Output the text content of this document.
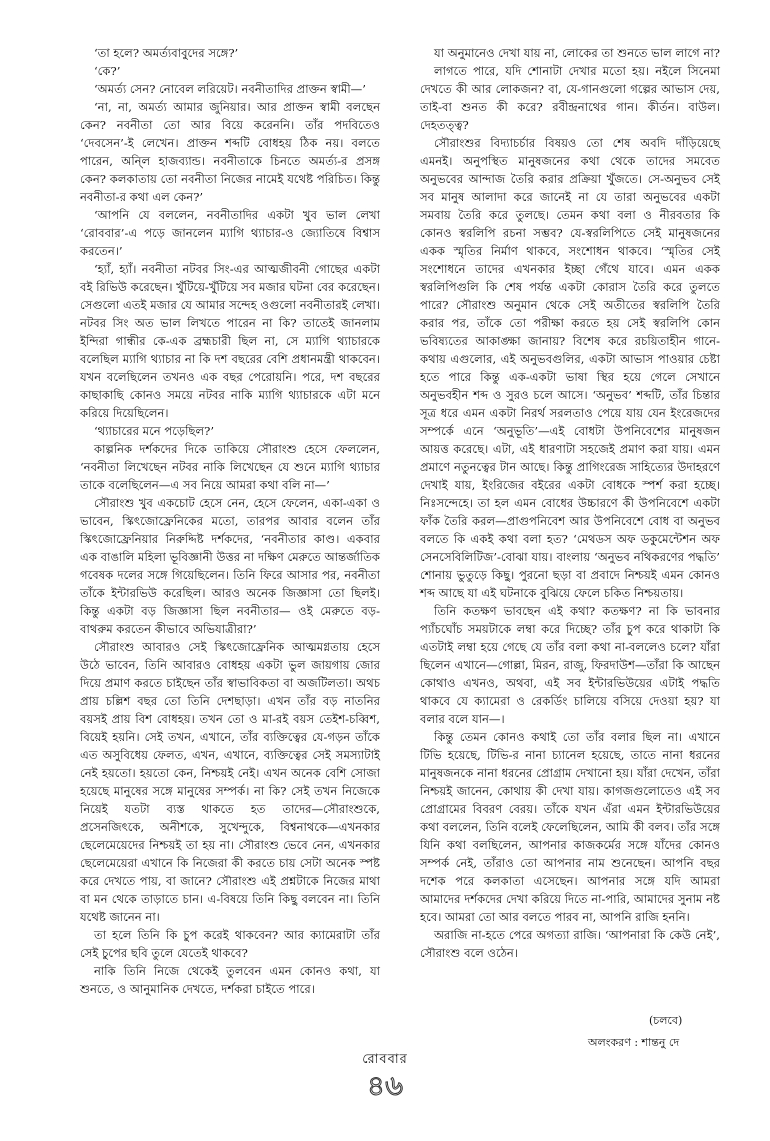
‘তা হলে? অমর্ত্যবাবুদের সঙ্গে?’

‘কে?’

‘অমর্ত্য সেন? নোবেল লরিয়েট। নবনীতাদির প্রাক্তন স্বামী—’

‘না, না, অমর্ত্য আমার জুনিয়ার। আর প্রাক্তন স্বামী বলছেন কেন? নবনীতা তো আর বিয়ে করেননি। তাঁর পদবিতেও ‘দেবসেন’-ই লেখেন। প্রাক্তন শব্দটি বোধহয় ঠিক নয়। বলতে পারেন, অন্লি হাজব্যান্ড। নবনীতাকে চিনতে অমর্ত্য-র প্রসঙ্গ কেন? কলকাতায় তো নবনীতা নিজের নামেই যথেষ্ট পরিচিত। কিন্তু নবনীতা-র কথা এল কেন?’

‘আপনি যে বললেন, নবনীতাদির একটা খুব ভাল লেখা ‘রোববার’-এ পড়ে জানলেন ম্যাগি থ্যাচার-ও জ্যোতিষে বিশ্বাস করতেন।’

‘হ্যাঁ, হ্যাঁ। নবনীতা নটবর সিং-এর আত্মজীবনী গোছের একটা বই রিভিউ করেছেন। খুঁটিয়ে-খুঁটিয়ে সব মজার ঘটনা বের করেছেন। সেগুলো এতই মজার যে আমার সন্দেহ ওগুলো নবনীতারই লেখা। নটবর সিং অত ভাল লিখতে পারেন না কি? তাতেই জানলাম ইন্দিরা গান্ধীর কে-এক ব্রহ্মচারী ছিল না, সে ম্যাগি থ্যাচারকে বলেছিল ম্যাগি থ্যাচার না কি দশ বছরের বেশি প্রধানমন্ত্রী থাকবেন। যখন বলেছিলেন তখনও এক বছর পেরোয়নি। পরে, দশ বছরের কাছাকাছি কোনও সময়ে নটবর নাকি ম্যাগি থ্যাচারকে এটা মনে করিয়ে দিয়েছিলেন।

‘থ্যাচারের মনে পড়েছিল?’

কাল্পনিক দর্শকদের দিকে তাকিয়ে সৌরাংশু হেসে ফেললেন, ‘নবনীতা লিখেছেন নটবর নাকি লিখেছেন যে শুনে ম্যাগি থ্যাচার তাকে বলেছিলেন—এ সব নিয়ে আমরা কথা বলি না—’

সৌরাংশু খুব একচোট হেসে নেন, হেসে ফেলেন, একা-একা ও ভাবেন, স্কিৎজোফ্রেনিকের মতো, তারপর আবার বলেন তাঁর স্কিৎজোফ্রেনিয়ার নিরুদ্দিষ্ট দর্শকদের, ‘নবনীতার কাণ্ড। একবার এক বাঙালি মহিলা ভূবিজ্ঞানী উত্তর না দক্ষিণ মেরুতে আন্তর্জাতিক গবেষক দলের সঙ্গে গিয়েছিলেন। তিনি ফিরে আসার পর, নবনীতা তাঁকে ইন্টারভিউ করেছিল। আরও অনেক জিজ্ঞাসা তো ছিলই। কিন্তু একটা বড় জিজ্ঞাসা ছিল নবনীতার— ওই মেরুতে বড়-বাথরুম করতেন কীভাবে অভিযাত্রীরা?’

সৌরাংশু আবারও সেই স্কিৎজোফ্রেনিক আত্মমগ্নতায় হেসে উঠে ভাবেন, তিনি আবারও বোধহয় একটা ভুল জায়গায় জোর দিয়ে প্রমাণ করতে চাইছেন তাঁর স্বাভাবিকতা বা অজটিলতা। অথচ প্রায় চল্লিশ বছর তো তিনি দেশছাড়া। এখন তাঁর বড় নাতনির বয়সই প্রায় বিশ বোধহয়। তখন তো ও মা-রই বয়স তেইশ-চব্বিশ, বিয়েই হয়নি। সেই তখন, এখানে, তাঁর ব্যক্তিত্বের যে-গড়ন তাঁকে এত অসুবিধেয় ফেলত, এখন, এখানে, ব্যক্তিত্বের সেই সমস্যাটাই নেই হয়তো। হয়তো কেন, নিশ্চয়ই নেই। এখন অনেক বেশি সোজা হয়েছে মানুষের সঙ্গে মানুষের সম্পর্ক। না কি? সেই তখন নিজেকে নিয়েই যতটা ব্যস্ত থাকতে হত তাদের—সৌরাংশুকে, প্রসেনজিৎকে, অনীশকে, সুখেন্দুকে, বিশ্বনাথকে—এখনকার ছেলেমেয়েদের নিশ্চয়ই তা হয় না। সৌরাংশু ভেবে নেন, এখনকার ছেলেমেয়েরা এখানে কি নিজেরা কী করতে চায় সেটা অনেক স্পষ্ট করে দেখতে পায়, বা জানে? সৌরাংশু এই প্রশ্নটাকে নিজের মাথা বা মন থেকে তাড়াতে চান। এ-বিষয়ে তিনি কিছু বলবেন না। তিনি যথেষ্ট জানেন না।

তা হলে তিনি কি চুপ করেই থাকবেন? আর ক্যামেরাটা তাঁর সেই চুপের ছবি তুলে যেতেই থাকবে?

নাকি তিনি নিজে থেকেই তুলবেন এমন কোনও কথা, যা শুনতে, ও আনুমানিক দেখতে, দর্শকরা চাইতে পারে।

যা অনুমানেও দেখা যায় না, লোকের তা শুনতে ভাল লাগে না?

লাগতে পারে, যদি শোনাটা দেখার মতো হয়। নইলে সিনেমা দেখতে কী আর লোকজন? বা, যে-গানগুলো গল্পের আভাস দেয়, তাই-বা শুনত কী করে? রবীন্দ্রনাথের গান। কীর্তন। বাউল। দেহতত্ত্ব?

সৌরাংশুর বিদ্যাচর্চার বিষয়ও তো শেষ অবদি দাঁড়িয়েছে এমনই। অনুপস্থিত মানুষজনের কথা থেকে তাদের সমবেত অনুভবের আন্দাজ তৈরি করার প্রক্রিয়া খুঁজতে। সে-অনুভব সেই সব মানুষ আলাদা করে জানেই না যে তারা অনুভবের একটা সমবায় তৈরি করে তুলছে। তেমন কথা বলা ও নীরবতার কি কোনও স্বরলিপি রচনা সম্ভব? যে-স্বরলিপিতে সেই মানুষজনের একক স্মৃতির নির্মাণ থাকবে, সংশোধন থাকবে। ‘স্মৃতির সেই সংশোধনে তাদের এখনকার ইচ্ছা গেঁথে যাবে। এমন একক স্বরলিপিগুলি কি শেষ পর্যন্ত একটা কোরাস তৈরি করে তুলতে পারে? সৌরাংশু অনুমান থেকে সেই অতীতের স্বরলিপি তৈরি করার পর, তাঁকে তো পরীক্ষা করতে হয় সেই স্বরলিপি কোন ভবিষ্যতের আকাঙ্ক্ষা জানায়? বিশেষ করে রচয়িতাহীন গানে-কথায় এগুলোর, এই অনুভবগুলির, একটা আভাস পাওয়ার চেষ্টা হতে পারে কিন্তু এক-একটা ভাষা স্থির হয়ে গেলে সেখানে অনুভবহীন শব্দ ও সুরও চলে আসে। ‘অনুভব’ শব্দটি, তাঁর চিন্তার সূত্র ধরে এমন একটা নিরর্থ সরলতাও পেয়ে যায় যেন ইংরেজদের সম্পর্কে এনে ‘অনুভূতি’—এই বোধটা উপনিবেশের মানুষজন আয়ত্ত করেছে। এটা, এই ধারণাটা সহজেই প্রমাণ করা যায়। এমন প্রমাণে নতুনত্বের টান আছে। কিন্তু প্রাগিংরেজ সাহিত্যের উদাহরণে দেখাই যায়, ইংরিজের বইরের একটা বোধকে স্পর্শ করা হচ্ছে। নিঃসন্দেহে। তা হল এমন বোধের উচ্চারণে কী উপনিবেশে একটা ফাঁক তৈরি করল—প্রাগুপনিবেশ আর উপনিবেশে বোধ বা অনুভব বলতে কি একই কথা বলা হত? ‘মেথডস অফ ডকুমেন্টেশন অফ সেনসেবিলিটিজ’-বোঝা যায়। বাংলায় ‘অনুভব নথিকরণের পদ্ধতি’ শোনায় ভুতুড়ে কিছু। পুরনো ছড়া বা প্রবাদে নিশ্চয়ই এমন কোনও শব্দ আছে যা এই ঘটনাকে বুঝিয়ে ফেলে চকিত নিশ্চয়তায়।

তিনি কতক্ষণ ভাবছেন এই কথা? কতক্ষণ? না কি ভাবনার প্যাঁচঘোঁচ সময়টাকে লম্বা করে দিচ্ছে? তাঁর চুপ করে থাকাটা কি এতটাই লম্বা হয়ে গেছে যে তাঁর বলা কথা না-বললেও চলে? যাঁরা ছিলেন এখানে—গোল্লা, মিরন, রাজু, ফিরদাউশ—তাঁরা কি আছেন কোথাও এখনও, অথবা, এই সব ইন্টারভিউয়ের এটাই পদ্ধতি থাকবে যে ক্যামেরা ও রেকর্ডিং চালিয়ে বসিয়ে দেওয়া হয়? যা বলার বলে যান—।

কিন্তু তেমন কোনও কথাই তো তাঁর বলার ছিল না। এখানে টিভি হয়েছে, টিভি-র নানা চ্যানেল হয়েছে, তাতে নানা ধরনের মানুষজনকে নানা ধরনের প্রোগ্রাম দেখানো হয়। যাঁরা দেখেন, তাঁরা নিশ্চয়ই জানেন, কোথায় কী দেখা যায়। কাগজগুলোতেও এই সব প্রোগ্রামের বিবরণ বেরয়। তাঁকে যখন এঁরা এমন ইন্টারভিউয়ের কথা বললেন, তিনি বলেই ফেলেছিলেন, আমি কী বলব। তাঁর সঙ্গে যিনি কথা বলছিলেন, আপনার কাজকর্মের সঙ্গে যাঁদের কোনও সম্পর্ক নেই, তাঁরাও তো আপনার নাম শুনেছেন। আপনি বছর দশেক পরে কলকাতা এসেছেন। আপনার সঙ্গে যদি আমরা আমাদের দর্শকদের দেখা করিয়ে দিতে না-পারি, আমাদের সুনাম নষ্ট হবে। আমরা তো আর বলতে পারব না, আপনি রাজি হননি।

অরাজি না-হতে পেরে অগত্যা রাজি। ‘আপনারা কি কেউ নেই’, সৌরাংশু বলে ওঠেন।

(চলবে)
অলংকরণ : শান্তনু দে
রোববার
৪৬
